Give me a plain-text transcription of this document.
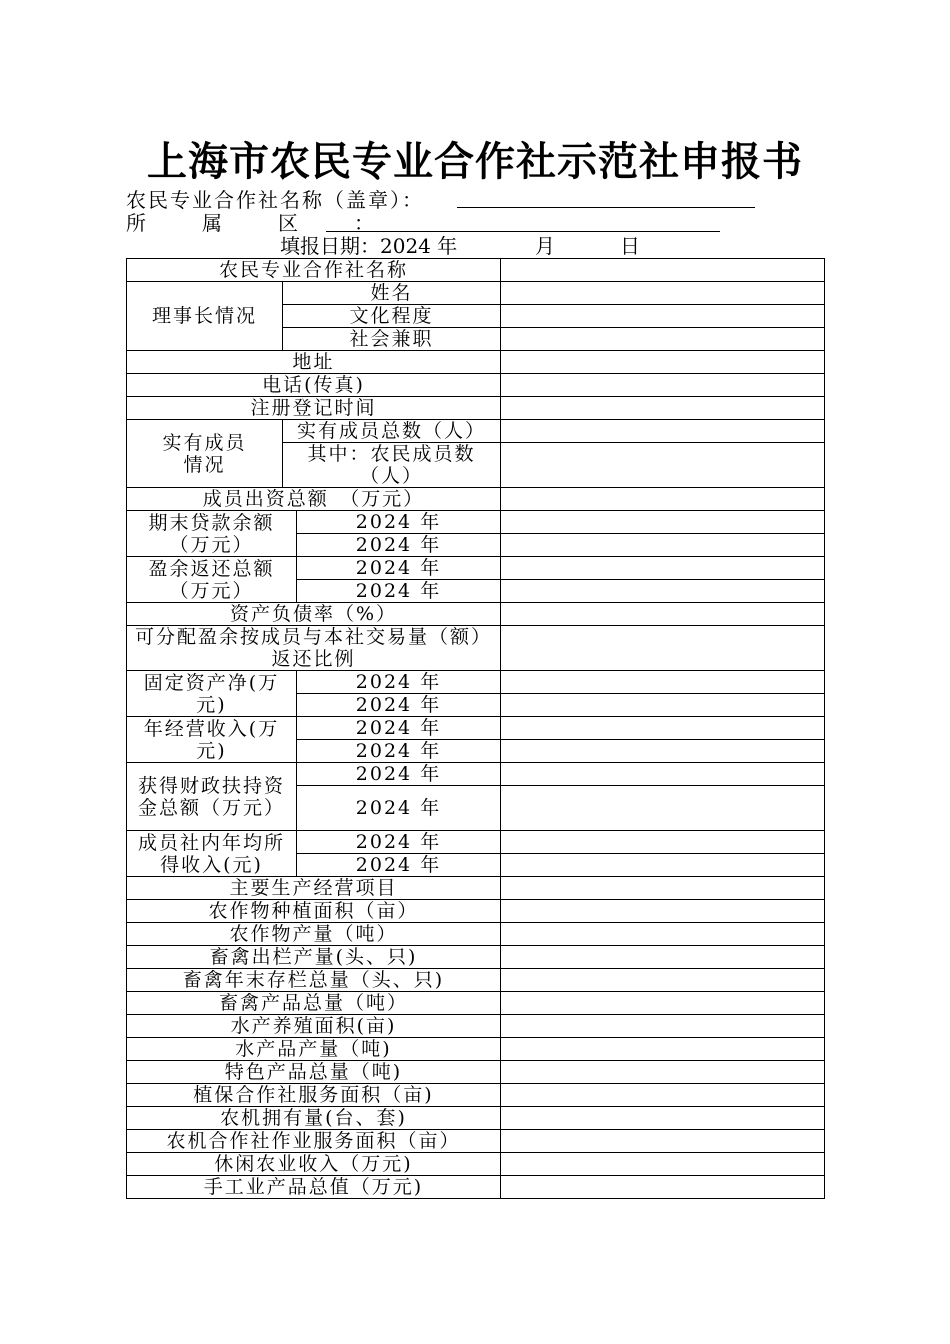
上海市农民专业合作社示范社申报书
农民专业合作社名称（盖章）：
所　属　区　：
填报日期：2024 年	月	日
农民专业合作社名称			
理事长情况	姓名		
	文化程度		
	社会兼职		
地址			
电话(传真)			
注册登记时间			
实有成员
情况	实有成员总数（人）		
	其中：农民成员数（人）		
成员出资总额　（万元）			
期末贷款余额（万元）		2024 年	
		2024 年	
盈余返还总额（万元）		2024 年	
		2024 年	
资产负债率（%）			
可分配盈余按成员与本社交易量（额）返还比例			
固定资产净(万元)		2024 年	
		2024 年	
年经营收入(万元)		2024 年	
		2024 年	
获得财政扶持资金总额（万元）		2024 年	
		2024 年	
成员社内年均所得收入(元)		2024 年	
		2024 年	
主要生产经营项目			
农作物种植面积（亩）			
农作物产量（吨）			
畜禽出栏产量(头、只)			
畜禽年末存栏总量（头、只)			
畜禽产品总量（吨）			
水产养殖面积(亩)			
水产品产量（吨)			
特色产品总量（吨)			
植保合作社服务面积（亩)			
农机拥有量(台、套)			
农机合作社作业服务面积（亩）			
休闲农业收入（万元)			
手工业产品总值（万元)			
